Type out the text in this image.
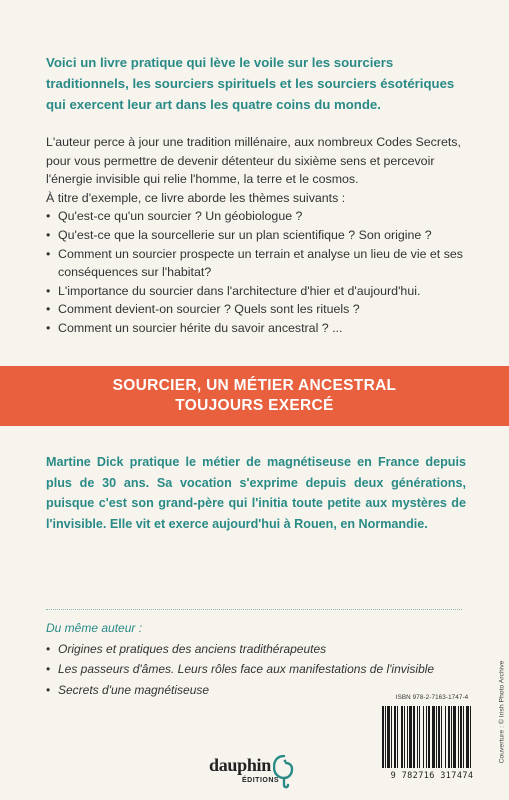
Voici un livre pratique qui lève le voile sur les sourciers traditionnels, les sourciers spirituels et les sourciers ésotériques qui exercent leur art dans les quatre coins du monde.

L'auteur perce à jour une tradition millénaire, aux nombreux Codes Secrets, pour vous permettre de devenir détenteur du sixième sens et percevoir l'énergie invisible qui relie l'homme, la terre et le cosmos.

À titre d'exemple, ce livre aborde les thèmes suivants :

• Qu'est-ce qu'un sourcier ? Un géobiologue ?
• Qu'est-ce que la sourcellerie sur un plan scientifique ? Son origine ?
• Comment un sourcier prospecte un terrain et analyse un lieu de vie et ses conséquences sur l'habitat?
• L'importance du sourcier dans l'architecture d'hier et d'aujourd'hui.
• Comment devient-on sourcier ? Quels sont les rituels ?
• Comment un sourcier hérite du savoir ancestral ? ...
SOURCIER, UN MÉTIER ANCESTRAL
TOUJOURS EXERCÉ

Martine Dick pratique le métier de magnétiseuse en France depuis plus de 30 ans. Sa vocation s'exprime depuis deux générations, puisque c'est son grand-père qui l'initia toute petite aux mystères de l'invisible. Elle vit et exerce aujourd'hui à Rouen, en Normandie.

Du même auteur :

• Origines et pratiques des anciens tradithérapeutes
• Les passeurs d'âmes. Leurs rôles face aux manifestations de l'invisible
• Secrets d'une magnétiseuse	Couverture : © Irish Photo Archive
dauphin
ÉDITIONS
ISBN 978-2-7163-1747-4
9 782716 317474
